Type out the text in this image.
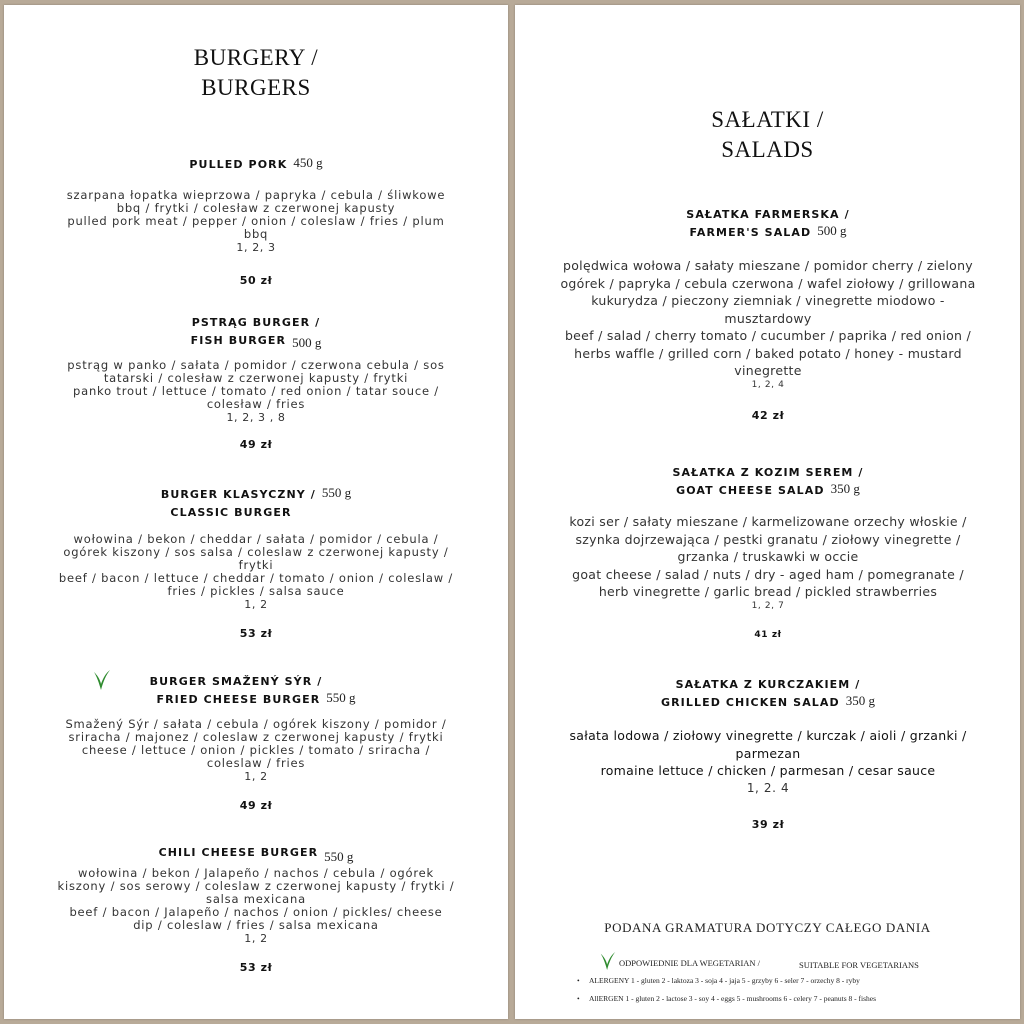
BURGERY /
BURGERS
PULLED PORK $^{450 g}$
szarpana łopatka wieprzowa / papryka / cebula / śliwkowe
bbq / frytki / colesław z czerwonej kapusty
pulled pork meat / pepper / onion / coleslaw / fries / plum
bbq
1, 2, 3
50 zł
PSTRĄG BURGER /
FISH BURGER $^{500 g}$
pstrąg w panko / sałata / pomidor / czerwona cebula / sos
tatarski / colesław z czerwonej kapusty / frytki
panko trout / lettuce / tomato / red onion / tatar souce /
colesław / fries
1, 2, 3 , 8
49 zł
BURGER KLASYCZNY / $^{550 g}$
CLASSIC BURGER
wołowina / bekon / cheddar / sałata / pomidor / cebula /
ogórek kiszony / sos salsa / coleslaw z czerwonej kapusty /
frytki
beef / bacon / lettuce / cheddar / tomato / onion / coleslaw /
fries / pickles / salsa sauce
1, 2
53 zł
BURGER SMAŽENÝ SÝR /
FRIED CHEESE BURGER $^{550 g}$
Smažený Sýr / sałata / cebula / ogórek kiszony / pomidor /
sriracha / majonez / coleslaw z czerwonej kapusty / frytki
cheese / lettuce / onion / pickles / tomato / sriracha /
coleslaw / fries
1, 2
49 zł
CHILI CHEESE BURGER $^{550 g}$
wołowina / bekon / Jalapeño / nachos / cebula / ogórek
kiszony / sos serowy / coleslaw z czerwonej kapusty / frytki /
salsa mexicana
beef / bacon / Jalapeño / nachos / onion / pickles/ cheese
dip / coleslaw / fries / salsa mexicana
1, 2
53 zł
SAŁATKI /
SALADS
SAŁATKA FARMERSKA /
FARMER'S SALAD $^{500 g}$
polędwica wołowa / sałaty mieszane / pomidor cherry / zielony
ogórek / papryka / cebula czerwona / wafel ziołowy / grillowana
kukurydza / pieczony ziemniak / vinegrette miodowo -
musztardowy
beef / salad / cherry tomato / cucumber / paprika / red onion /
herbs waffle / grilled corn / baked potato / honey - mustard
vinegrette
1, 2, 4
42 zł
SAŁATKA Z KOZIM SEREM /
GOAT CHEESE SALAD $^{350 g}$
kozi ser / sałaty mieszane / karmelizowane orzechy włoskie /
szynka dojrzewająca / pestki granatu / ziołowy vinegrette /
grzanka / truskawki w occie
goat cheese / salad / nuts / dry - aged ham / pomegranate /
herb vinegrette / garlic bread / pickled strawberries
1, 2, 7
41 zł
SAŁATKA Z KURCZAKIEM /
GRILLED CHICKEN SALAD $^{350 g}$
sałata lodowa / ziołowy vinegrette / kurczak / aioli / grzanki /
parmezan
romaine lettuce / chicken / parmesan / cesar sauce
1, 2. 4
39 zł
PODANA GRAMATURA DOTYCZY CAŁEGO DANIA
ODPOWIEDNIE DLA WEGETARIAN /	SUITABLE FOR VEGETARIANS
• ALERGENY 1 - gluten 2 - laktoza 3 - soja 4 - jaja 5 - grzyby 6 - seler 7 - orzechy 8 - ryby
• AllERGEN 1 - gluten 2 - lactose 3 - soy 4 - eggs 5 - mushrooms 6 - celery 7 - peanuts 8 - fishes
